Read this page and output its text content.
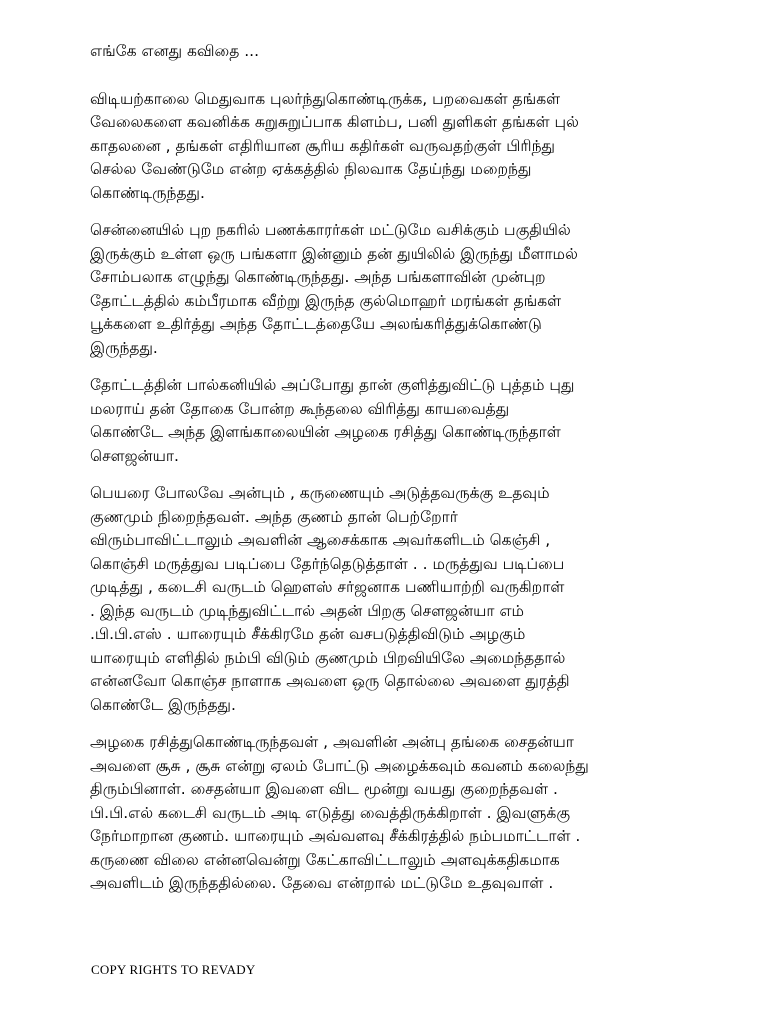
எங்கே எனது கவிதை ...
விடியற்காலை மெதுவாக புலர்ந்துகொண்டிருக்க, பறவைகள் தங்கள்
வேலைகளை கவனிக்க சுறுசுறுப்பாக கிளம்ப, பனி துளிகள் தங்கள் புல்
காதலனை , தங்கள் எதிரியான சூரிய கதிர்கள் வருவதற்குள் பிரிந்து
செல்ல வேண்டுமே என்ற ஏக்கத்தில் நிலவாக தேய்ந்து மறைந்து
கொண்டிருந்தது.
சென்னையில் புற நகரில் பணக்காரர்கள் மட்டுமே வசிக்கும் பகுதியில்
இருக்கும் உள்ள ஒரு பங்களா இன்னும் தன் துயிலில் இருந்து மீளாமல்
சோம்பலாக எழுந்து கொண்டிருந்தது. அந்த பங்களாவின் முன்புற
தோட்டத்தில் கம்பீரமாக வீற்று இருந்த குல்மொஹர் மரங்கள் தங்கள்
பூக்களை உதிர்த்து அந்த தோட்டத்தையே அலங்கரித்துக்கொண்டு
இருந்தது.
தோட்டத்தின் பால்கனியில் அப்போது தான் குளித்துவிட்டு புத்தம் புது
மலராய் தன் தோகை போன்ற கூந்தலை விரித்து காயவைத்து
கொண்டே அந்த இளங்காலையின் அழகை ரசித்து கொண்டிருந்தாள்
சௌஜன்யா.
பெயரை போலவே அன்பும் , கருணையும் அடுத்தவருக்கு உதவும்
குணமும் நிறைந்தவள். அந்த குணம் தான் பெற்றோர்
விரும்பாவிட்டாலும் அவளின் ஆசைக்காக அவர்களிடம் கெஞ்சி ,
கொஞ்சி மருத்துவ படிப்பை தேர்ந்தெடுத்தாள் . . மருத்துவ படிப்பை
முடித்து , கடைசி வருடம் ஹௌஸ் சர்ஜனாக பணியாற்றி வருகிறாள்
. இந்த வருடம் முடிந்துவிட்டால் அதன் பிறகு சௌஜன்யா எம்
.பி.பி.எஸ் . யாரையும் சீக்கிரமே தன் வசபடுத்திவிடும் அழகும்
யாரையும் எளிதில் நம்பி விடும் குணமும் பிறவியிலே அமைந்ததால்
என்னவோ கொஞ்ச நாளாக அவளை ஒரு தொல்லை அவளை துரத்தி
கொண்டே இருந்தது.
அழகை ரசித்துகொண்டிருந்தவள் , அவளின் அன்பு தங்கை சைதன்யா
அவளை சூசு , சூசு என்று ஏலம் போட்டு அழைக்கவும் கவனம் கலைந்து
திரும்பினாள். சைதன்யா இவளை விட மூன்று வயது குறைந்தவள் .
பி.பி.எல் கடைசி வருடம் அடி எடுத்து வைத்திருக்கிறாள் . இவளுக்கு
நேர்மாறான குணம். யாரையும் அவ்வளவு சீக்கிரத்தில் நம்பமாட்டாள் .
கருணை விலை என்னவென்று கேட்காவிட்டாலும் அளவுக்கதிகமாக
அவளிடம் இருந்ததில்லை. தேவை என்றால் மட்டுமே உதவுவாள் .
COPY RIGHTS TO REVADY
